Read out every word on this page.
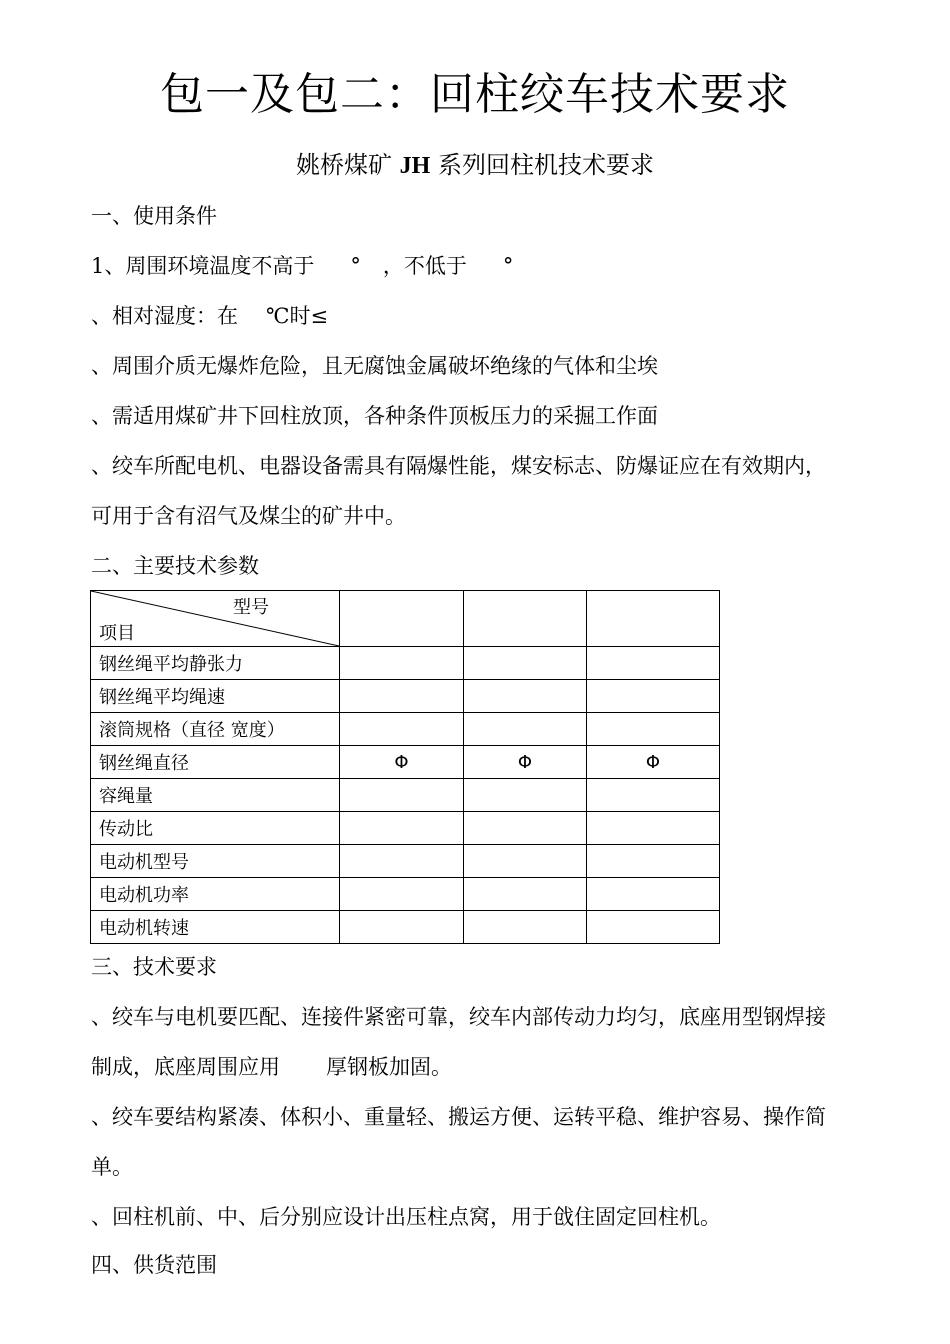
包一及包二：回柱绞车技术要求
姚桥煤矿 JH 系列回柱机技术要求
一、使用条件
1、周围环境温度不高于 ° ，不低于 °
、相对湿度：在 ℃时≤
、周围介质无爆炸危险，且无腐蚀金属破坏绝缘的气体和尘埃
、需适用煤矿井下回柱放顶，各种条件顶板压力的采掘工作面
、绞车所配电机、电器设备需具有隔爆性能，煤安标志、防爆证应在有效期内，
可用于含有沼气及煤尘的矿井中。
二、主要技术参数
型号
项目			

钢丝绳平均静张力			
钢丝绳平均绳速			
滚筒规格（直径 宽度）			
钢丝绳直径	Φ	Φ	Φ
容绳量			
传动比			
电动机型号			
电动机功率			
电动机转速			
三、技术要求
、绞车与电机要匹配、连接件紧密可靠，绞车内部传动力均匀，底座用型钢焊接
制成，底座周围应用 厚钢板加固。
、绞车要结构紧凑、体积小、重量轻、搬运方便、运转平稳、维护容易、操作简
单。
、回柱机前、中、后分别应设计出压柱点窝，用于戗住固定回柱机。
四、供货范围
